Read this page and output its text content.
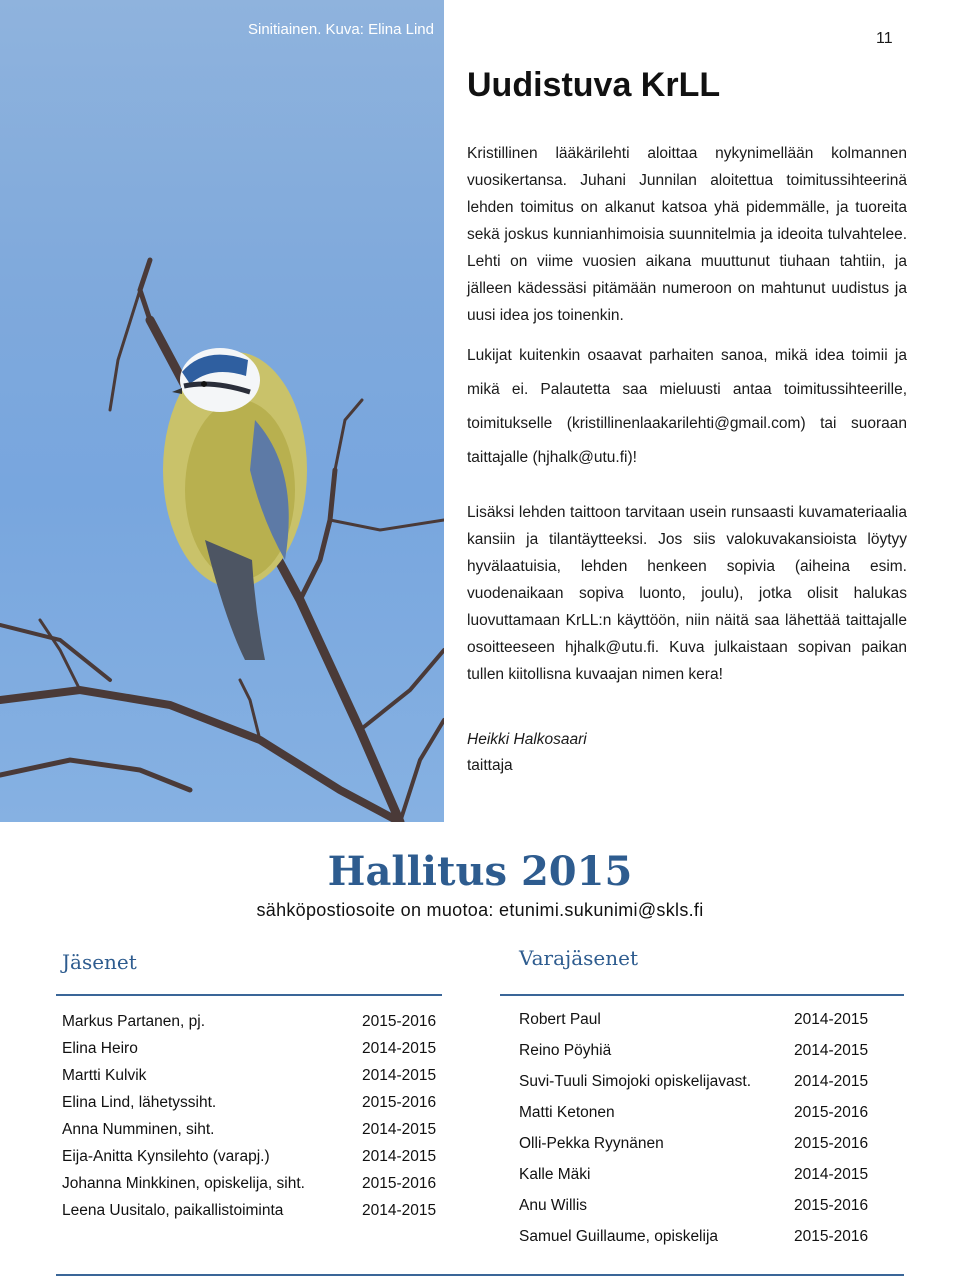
Sinitiainen. Kuva: Elina Lind
11
Uudistuva KrLL

Kristillinen lääkärilehti aloittaa nykynimellään kolmannen vuosikertansa. Juhani Junnilan aloitettua toimitussihteerinä lehden toimitus on alkanut katsoa yhä pidemmälle, ja tuoreita sekä joskus kunnianhimoisia suunnitelmia ja ideoita tulvahtelee. Lehti on viime vuosien aikana muuttunut tiuhaan tahtiin, ja jälleen kädessäsi pitämään numeroon on mahtunut uudistus ja uusi idea jos toinenkin.

Lukijat kuitenkin osaavat parhaiten sanoa, mikä idea toimii ja mikä ei. Palautetta saa mieluusti antaa toimitussihteerille, toimitukselle (kristillinenlaakarilehti@gmail.com) tai suoraan taittajalle (hjhalk@utu.fi)!

Lisäksi lehden taittoon tarvitaan usein runsaasti kuvamateriaalia kansiin ja tilantäytteeksi. Jos siis valokuvakansioista löytyy hyvälaatuisia, lehden henkeen sopivia (aiheina esim. vuodenaikaan sopiva luonto, joulu), jotka olisit halukas luovuttamaan KrLL:n käyttöön, niin näitä saa lähettää taittajalle osoitteeseen hjhalk@utu.fi. Kuva julkaistaan sopivan paikan tullen kiitollisna kuvaajan nimen kera!

Heikki Halkosaari
taittaja
Hallitus 2015
sähköpostiosoite on muotoa: etunimi.sukunimi@skls.fi
Jäsenet	Varajäsenet
Markus Partanen, pj.	2015-2016
Elina Heiro	2014-2015
Martti Kulvik	2014-2015
Elina Lind, lähetyssiht.	2015-2016
Anna Numminen, siht.	2014-2015
Eija-Anitta Kynsilehto (varapj.)	2014-2015
Johanna Minkkinen, opiskelija, siht.	2015-2016
Leena Uusitalo, paikallistoiminta	2014-2015
Robert Paul	2014-2015
Reino Pöyhiä	2014-2015
Suvi-Tuuli Simojoki opiskelijavast.	2014-2015
Matti Ketonen	2015-2016
Olli-Pekka Ryynänen	2015-2016
Kalle Mäki	2014-2015
Anu Willis	2015-2016
Samuel Guillaume, opiskelija	2015-2016
